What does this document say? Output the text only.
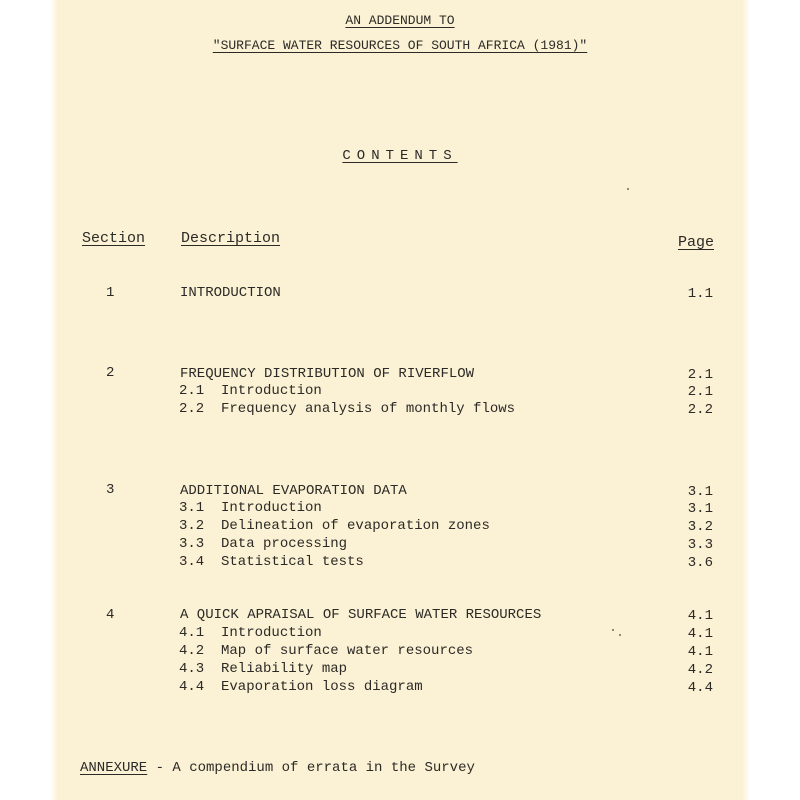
AN ADDENDUM TO
"SURFACE WATER RESOURCES OF SOUTH AFRICA (1981)"
CONTENTS
Section Description	Page
1	INTRODUCTION	1.1
2	FREQUENCY DISTRIBUTION OF RIVERFLOW	2.1
2.1  Introduction	2.1
2.2  Frequency analysis of monthly flows	2.2
3	ADDITIONAL EVAPORATION DATA	3.1
3.1  Introduction	3.1
3.2  Delineation of evaporation zones	3.2
3.3  Data processing	3.3
3.4  Statistical tests	3.6
4	A QUICK APRAISAL OF SURFACE WATER RESOURCES	4.1
4.1  Introduction	4.1
4.2  Map of surface water resources	4.1
4.3  Reliability map	4.2
4.4  Evaporation loss diagram	4.4
ANNEXURE - A compendium of errata in the Survey
